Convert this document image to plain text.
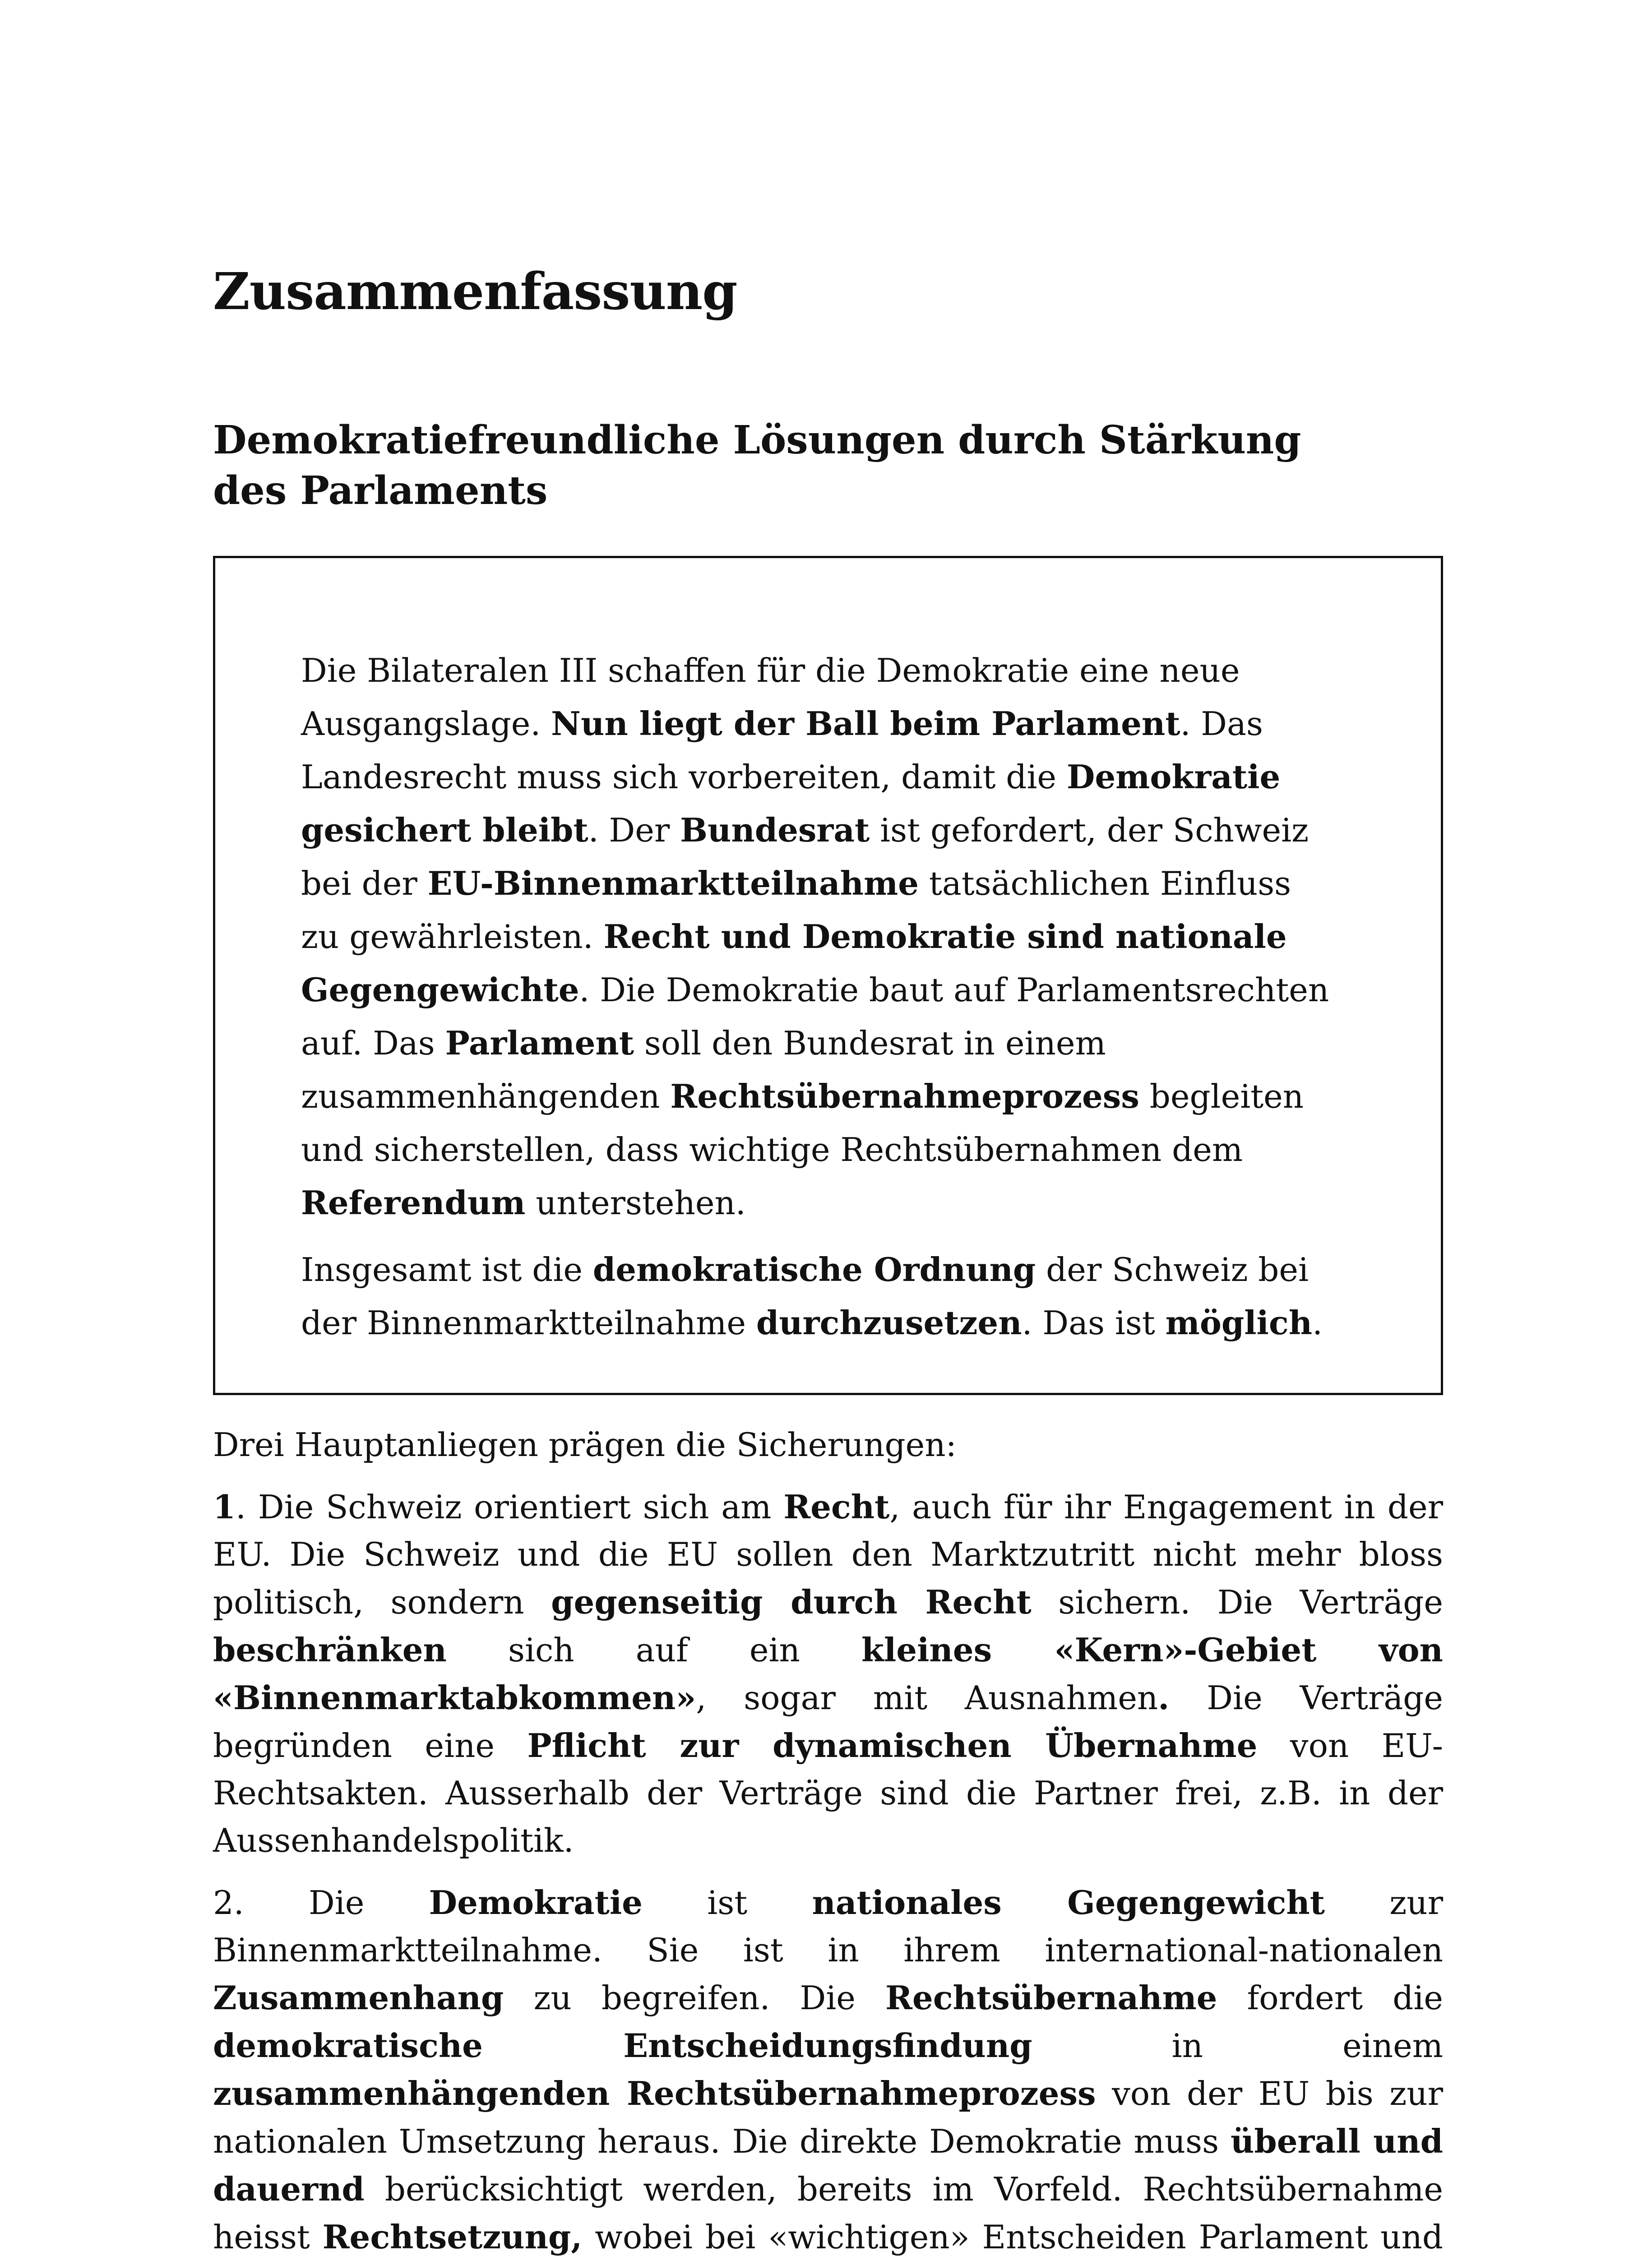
Zusammenfassung
Demokratiefreundliche Lösungen durch Stärkung des Parlaments

Die Bilateralen III schaffen für die Demokratie eine neue Ausgangslage. Nun liegt der Ball beim Parlament. Das Landesrecht muss sich vorbereiten, damit die Demokratie gesichert bleibt. Der Bundesrat ist gefordert, der Schweiz bei der EU-Binnenmarktteilnahme tatsächlichen Einfluss zu gewährleisten. Recht und Demokratie sind nationale Gegengewichte. Die Demokratie baut auf Parlamentsrechten auf. Das Parlament soll den Bundesrat in einem zusammenhängenden Rechtsübernahmeprozess begleiten und sicherstellen, dass wichtige Rechtsübernahmen dem Referendum unterstehen.

Insgesamt ist die demokratische Ordnung der Schweiz bei der Binnenmarktteilnahme durchzusetzen. Das ist möglich.

Drei Hauptanliegen prägen die Sicherungen:

1. Die Schweiz orientiert sich am Recht, auch für ihr Engagement in der EU. Die Schweiz und die EU sollen den Marktzutritt nicht mehr bloss politisch, sondern gegenseitig durch Recht sichern. Die Verträge beschränken sich auf ein kleines «Kern»-Gebiet von «Binnenmarktabkommen», sogar mit Ausnahmen. Die Verträge begründen eine Pflicht zur dynamischen Übernahme von EU-Rechtsakten. Ausserhalb der Verträge sind die Partner frei, z.B. in der Aussenhandelspolitik.

2. Die Demokratie ist nationales Gegengewicht zur Binnenmarktteilnahme. Sie ist in ihrem international-nationalen Zusammenhang zu begreifen. Die Rechtsübernahme fordert die demokratische Entscheidungsfindung in einem zusammenhängenden Rechtsübernahmeprozess von der EU bis zur nationalen Umsetzung heraus. Die direkte Demokratie muss überall und dauernd berücksichtigt werden, bereits im Vorfeld. Rechtsübernahme heisst Rechtsetzung, wobei bei «wichtigen» Entscheiden Parlament und
